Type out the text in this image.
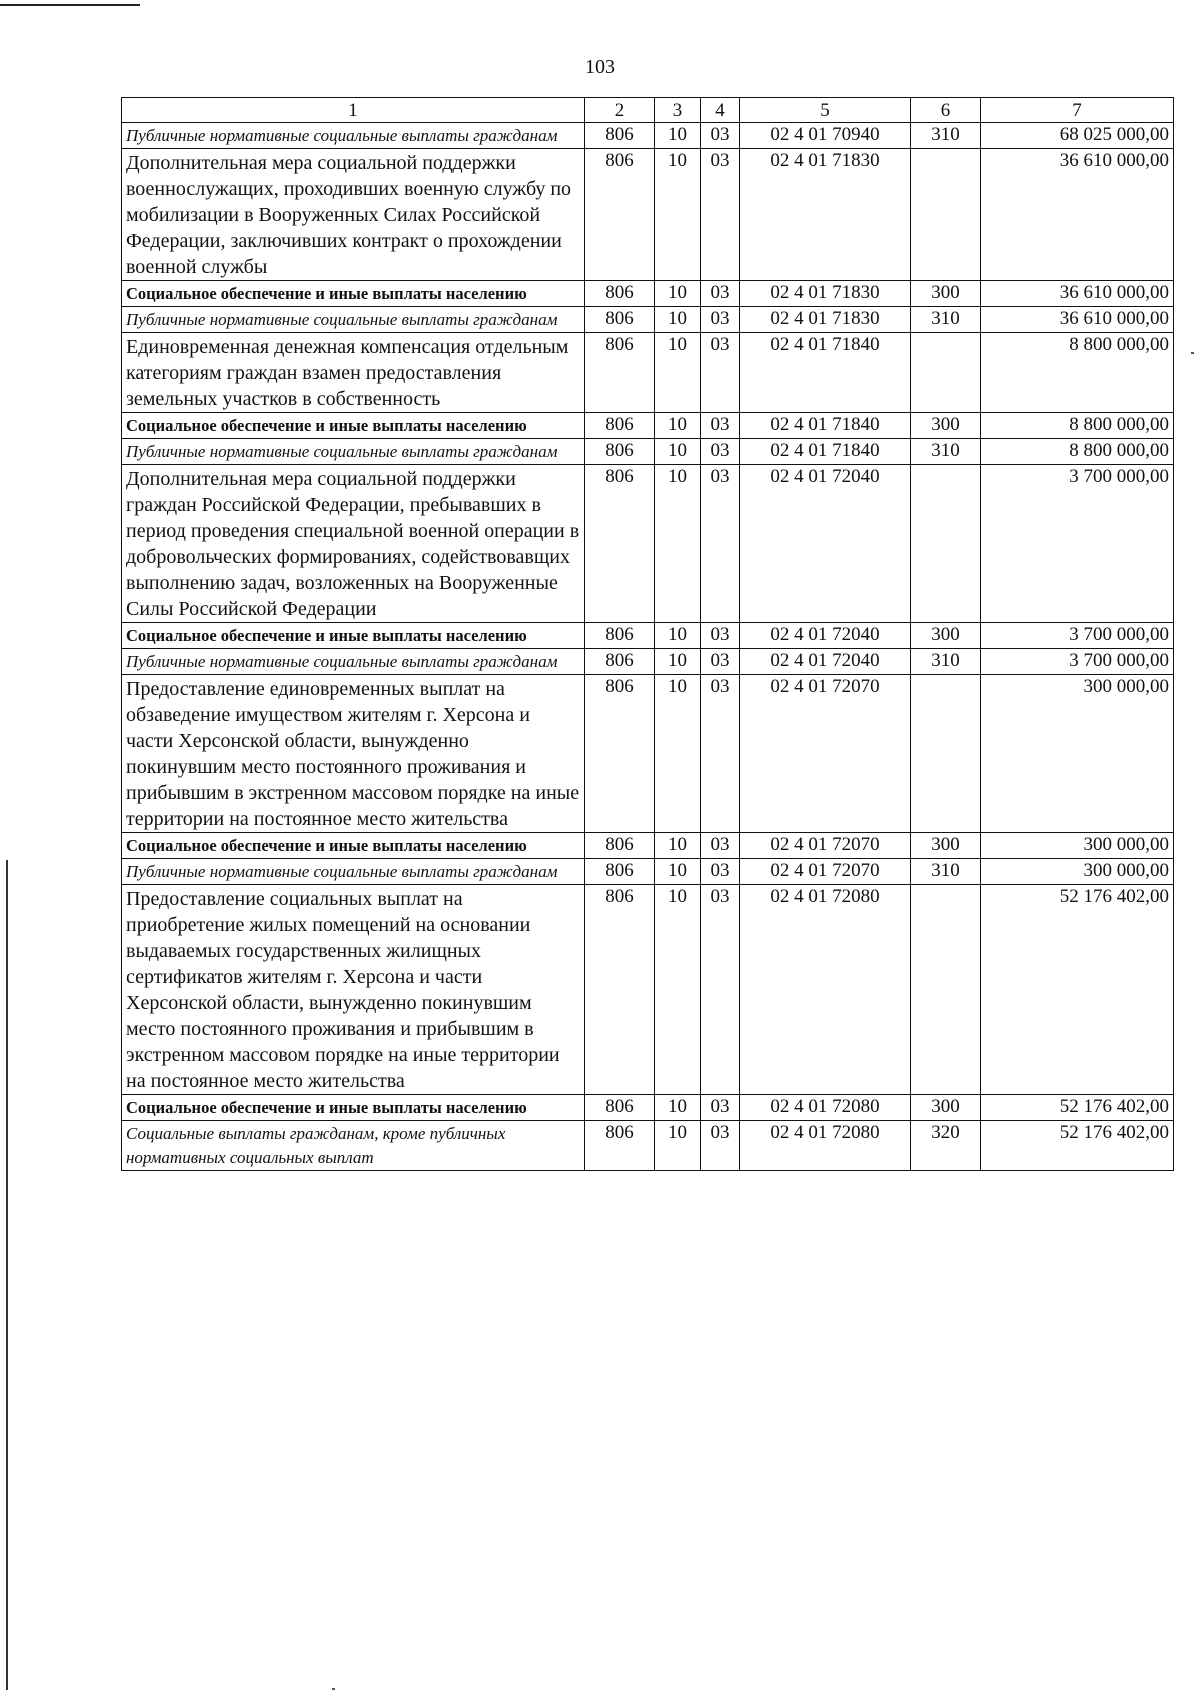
103
1	2	3	4	5	6	7
Публичные нормативные социальные выплаты гражданам	806	10	03	02 4 01 70940	310	68 025 000,00
Дополнительная мера социальной поддержки военнослужащих, проходивших военную службу по мобилизации в Вооруженных Силах Российской Федерации, заключивших контракт о прохождении военной службы	806	10	03	02 4 01 71830		36 610 000,00
Социальное обеспечение и иные выплаты населению	806	10	03	02 4 01 71830	300	36 610 000,00
Публичные нормативные социальные выплаты гражданам	806	10	03	02 4 01 71830	310	36 610 000,00
Единовременная денежная компенсация отдельным категориям граждан взамен предоставления земельных участков в собственность	806	10	03	02 4 01 71840		8 800 000,00
Социальное обеспечение и иные выплаты населению	806	10	03	02 4 01 71840	300	8 800 000,00
Публичные нормативные социальные выплаты гражданам	806	10	03	02 4 01 71840	310	8 800 000,00
Дополнительная мера социальной поддержки граждан Российской Федерации, пребывавших в период проведения специальной военной операции в добровольческих формированиях, содействовавщих выполнению задач, возложенных на Вооруженные Силы Российской Федерации	806	10	03	02 4 01 72040		3 700 000,00
Социальное обеспечение и иные выплаты населению	806	10	03	02 4 01 72040	300	3 700 000,00
Публичные нормативные социальные выплаты гражданам	806	10	03	02 4 01 72040	310	3 700 000,00
Предоставление единовременных выплат на обзаведение имуществом жителям г. Херсона и части Херсонской области, вынужденно покинувшим место постоянного проживания и прибывшим в экстренном массовом порядке на иные территории на постоянное место жительства	806	10	03	02 4 01 72070		300 000,00
Социальное обеспечение и иные выплаты населению	806	10	03	02 4 01 72070	300	300 000,00
Публичные нормативные социальные выплаты гражданам	806	10	03	02 4 01 72070	310	300 000,00
Предоставление социальных выплат на приобретение жилых помещений на основании выдаваемых государственных жилищных сертификатов жителям г. Херсона и части Херсонской области, вынужденно покинувшим место постоянного проживания и прибывшим в экстренном массовом порядке на иные территории на постоянное место жительства	806	10	03	02 4 01 72080		52 176 402,00
Социальное обеспечение и иные выплаты населению	806	10	03	02 4 01 72080	300	52 176 402,00
Социальные выплаты гражданам, кроме публичных нормативных социальных выплат	806	10	03	02 4 01 72080	320	52 176 402,00
